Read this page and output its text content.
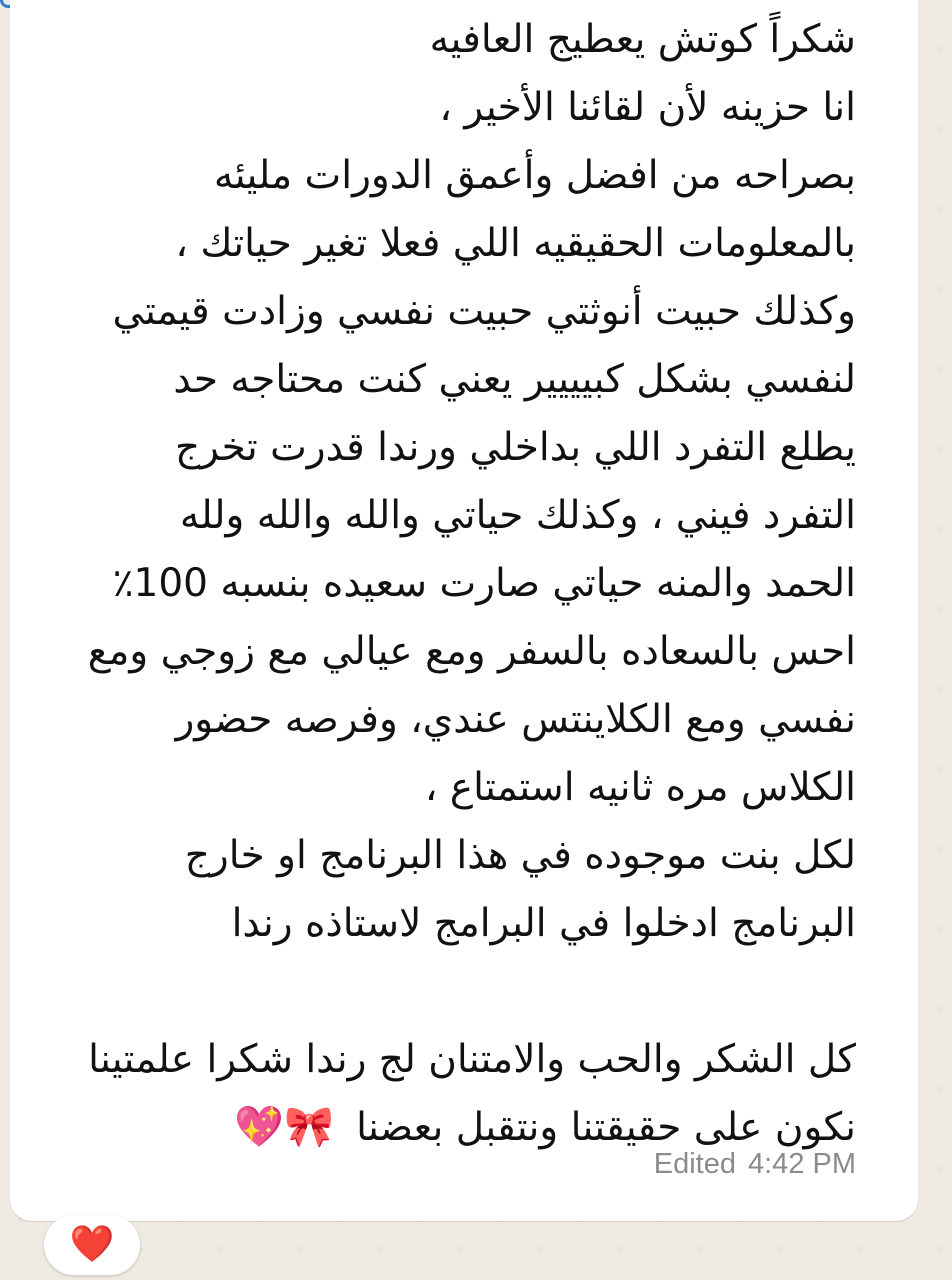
شكراً كوتش يعطيج العافيه
انا حزينه لأن لقائنا الأخير ،
بصراحه من افضل وأعمق الدورات مليئه
بالمعلومات الحقيقيه اللي فعلا تغير حياتك ،
وكذلك حبيت أنوثتي حبيت نفسي وزادت قيمتي
لنفسي بشكل كبيييير يعني كنت محتاجه حد
يطلع التفرد اللي بداخلي ورندا قدرت تخرج
التفرد فيني ، وكذلك حياتي والله والله ولله
الحمد والمنه حياتي صارت سعيده بنسبه 100٪
احس بالسعاده بالسفر ومع عيالي مع زوجي ومع
نفسي ومع الكلاينتس عندي، وفرصه حضور
الكلاس مره ثانيه استمتاع ،
لكل بنت موجوده في هذا البرنامج او خارج
البرنامج ادخلوا في البرامج لاستاذه رندا
كل الشكر والحب والامتنان لج رندا شكرا علمتينا
نكون على حقيقتنا ونتقبل بعضنا 💖🎀
Edited 4:42 PM
❤️
